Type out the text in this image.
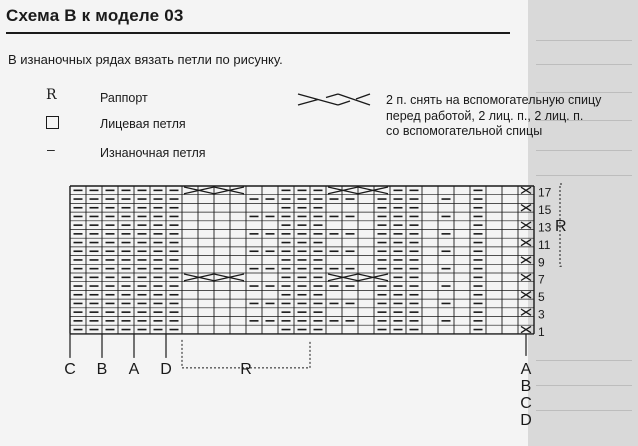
Схема В к моделе 03
В изнаночных рядах вязать петли по рисунку.
R	Раппорт
Лицевая петля
–	Изнаночная петля
2 п. снять на вспомогательную спицу
перед работой, 2 лиц. п., 2 лиц. п.
со вспомогательной спицы
17
15
13
11
9
7
5
3
1
R
C B A D	R	A
B
C
D
